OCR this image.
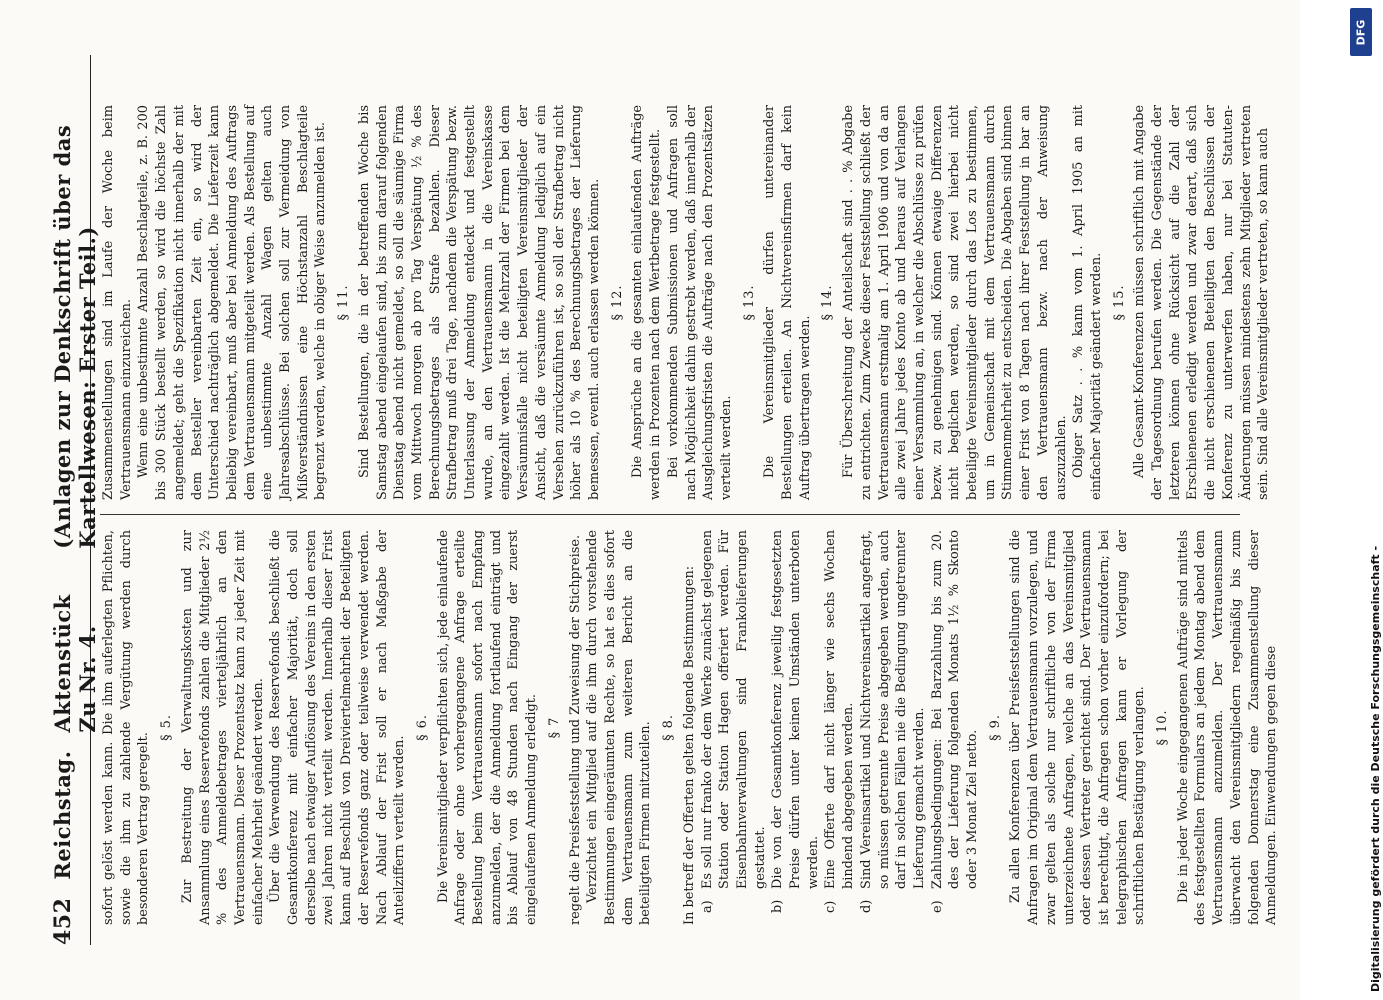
452
Reichstag.
Aktenstück Zu Nr. 4.
(Anlagen zur Denkschrift über das Kartellwesen: Erster Teil.)

sofort gelöst werden kann. Die ihm auferlegten Pflichten, sowie die ihm zu zahlende Vergütung werden durch besonderen Vertrag geregelt.

§ 5. Zur Bestreitung der Verwaltungskosten und zur Ansammlung eines Reservefonds zahlen die Mitglieder 2½ % des Anmeldebetrages vierteljährlich an den Vertrauensmann. Dieser Prozentsatz kann zu jeder Zeit mit einfacher Mehrheit geändert werden. Über die Verwendung des Reservefonds beschließt die Gesamtkonferenz mit einfacher Majorität, doch soll derselbe nach etwaiger Auflösung des Vereins in den ersten zwei Jahren nicht verteilt werden. Innerhalb dieser Frist kann auf Beschluß von Dreiviertelmehrheit der Beteiligten der Reservefonds ganz oder teilweise verwendet werden. Nach Ablauf der Frist soll er nach Maßgabe der Anteilziffern verteilt werden.

§ 6. Die Vereinsmitglieder verpflichten sich, jede einlaufende Anfrage oder ohne vorhergegangene Anfrage erteilte Bestellung beim Vertrauensmann sofort nach Empfang anzumelden, der die Anmeldung fortlaufend einträgt und bis Ablauf von 48 Stunden nach Eingang der zuerst eingelaufenen Anmeldung erledigt. § 7 regelt die Preisfeststellung und Zuweisung der Stichpreise. Verzichtet ein Mitglied auf die ihm durch vorstehende Bestimmungen eingeräumten Rechte, so hat es dies sofort dem Vertrauensmann zum weiteren Bericht an die beteiligten Firmen mitzuteilen. § 8. In betreff der Offerten gelten folgende Bestimmungen: a)
Es soll nur franko der dem Werke zunächst gelegenen Station oder Station Hagen offeriert werden. Für Eisenbahnverwaltungen sind Frankolieferungen gestattet.
b)
Die von der Gesamtkonferenz jeweilig festgesetzten Preise dürfen unter keinen Umständen unterboten werden.
c)
Eine Offerte darf nicht länger wie sechs Wochen bindend abgegeben werden.
d)
Sind Vereinsartikel und Nichtvereinsartikel angefragt, so müssen getrennte Preise abgegeben werden, auch darf in solchen Fällen nie die Bedingung ungetrennter Lieferung gemacht werden.
e)
Zahlungsbedingungen: Bei Barzahlung bis zum 20. des der Lieferung folgenden Monats 1½ % Skonto oder 3 Monat Ziel netto.

§ 9. Zu allen Konferenzen über Preisfeststellungen sind die Anfragen im Original dem Vertrauensmann vorzulegen, und zwar gelten als solche nur schriftliche von der Firma unterzeichnete Anfragen, welche an das Vereinsmitglied oder dessen Vertreter gerichtet sind. Der Vertrauensmann ist berechtigt, die Anfragen schon vorher einzufordern; bei telegraphischen Anfragen kann er Vorlegung der schriftlichen Bestätigung verlangen. § 10. Die in jeder Woche eingegangenen Aufträge sind mittels des festgestellten Formulars an jedem Montag abend dem Vertrauensmann anzumelden. Der Vertrauensmann überwacht den Vereinsmitgliedern regelmäßig bis zum folgenden Donnerstag eine Zusammenstellung dieser Anmeldungen. Einwendungen gegen diese

Zusammenstellungen sind im Laufe der Woche beim Vertrauensmann einzureichen. Wenn eine unbestimmte Anzahl Beschlagteile, z. B. 200 bis 300 Stück bestellt werden, so wird die höchste Zahl angemeldet; geht die Spezifikation nicht innerhalb der mit dem Besteller vereinbarten Zeit ein, so wird der Unterschied nachträglich abgemeldet. Die Lieferzeit kann beliebig vereinbart, muß aber bei Anmeldung des Auftrags dem Vertrauensmann mitgeteilt werden. Als Bestellung auf eine unbestimmte Anzahl Wagen gelten auch Jahresabschlüsse. Bei solchen soll zur Vermeidung von Mißverständnissen eine Höchstanzahl Beschlagteile begrenzt werden, welche in obiger Weise anzumelden ist. § 11. Sind Bestellungen, die in der betreffenden Woche bis Samstag abend eingelaufen sind, bis zum darauf folgenden Dienstag abend nicht gemeldet, so soll die säumige Firma vom Mittwoch morgen ab pro Tag Verspätung ½ % des Berechnungsbetrages als Strafe bezahlen. Dieser Strafbetrag muß drei Tage, nachdem die Verspätung bezw. Unterlassung der Anmeldung entdeckt und festgestellt wurde, an den Vertrauensmann in die Vereinskasse eingezahlt werden. Ist die Mehrzahl der Firmen bei dem Versäumnisfalle nicht beteiligten Vereinsmitglieder der Ansicht, daß die versäumte Anmeldung lediglich auf ein Versehen zurückzuführen ist, so soll der Strafbetrag nicht höher als 10 % des Berechnungsbetrages der Lieferung bemessen, eventl. auch erlassen werden können. § 12. Die Ansprüche an die gesamten einlaufenden Aufträge werden in Prozenten nach dem Wertbetrage festgestellt. Bei vorkommenden Submissionen und Anfragen soll nach Möglichkeit dahin gestrebt werden, daß innerhalb der Ausgleichungsfristen die Aufträge nach den Prozentsätzen verteilt werden.

§ 13. Die Vereinsmitglieder dürfen untereinander Bestellungen erteilen. An Nichtvereinsfirmen darf kein Auftrag übertragen werden.

§ 14. Für Überschreitung der Anteilschaft sind . . % Abgabe zu entrichten. Zum Zwecke dieser Feststellung schließt der Vertrauensmann erstmalig am 1. April 1906 und von da an alle zwei Jahre jedes Konto ab und heraus auf Verlangen einer Versammlung an, in welcher die Abschlüsse zu prüfen bezw. zu genehmigen sind. Können etwaige Differenzen nicht beglichen werden, so sind zwei hierbei nicht beteiligte Vereinsmitglieder durch das Los zu bestimmen, um in Gemeinschaft mit dem Vertrauensmann durch Stimmenmehrheit zu entscheiden. Die Abgaben sind binnen einer Frist von 8 Tagen nach ihrer Feststellung in bar an den Vertrauensmann bezw. nach der Anweisung auszuzahlen. Obiger Satz . . % kann vom 1. April 1905 an mit einfacher Majorität geändert werden. § 15. Alle Gesamt-Konferenzen müssen schriftlich mit Angabe der Tagesordnung berufen werden. Die Gegenstände der letzteren können ohne Rücksicht auf die Zahl der Erschienenen erledigt werden und zwar derart, daß sich die nicht erschienenen Beteiligten den Beschlüssen der Konferenz zu unterwerfen haben, nur bei Statuten-Änderungen müssen mindestens zehn Mitglieder vertreten sein. Sind alle Vereinsmitglieder vertreten, so kann auch

DFG
Digitalisierung gefördert durch die Deutsche Forschungsgemeinschaft -
